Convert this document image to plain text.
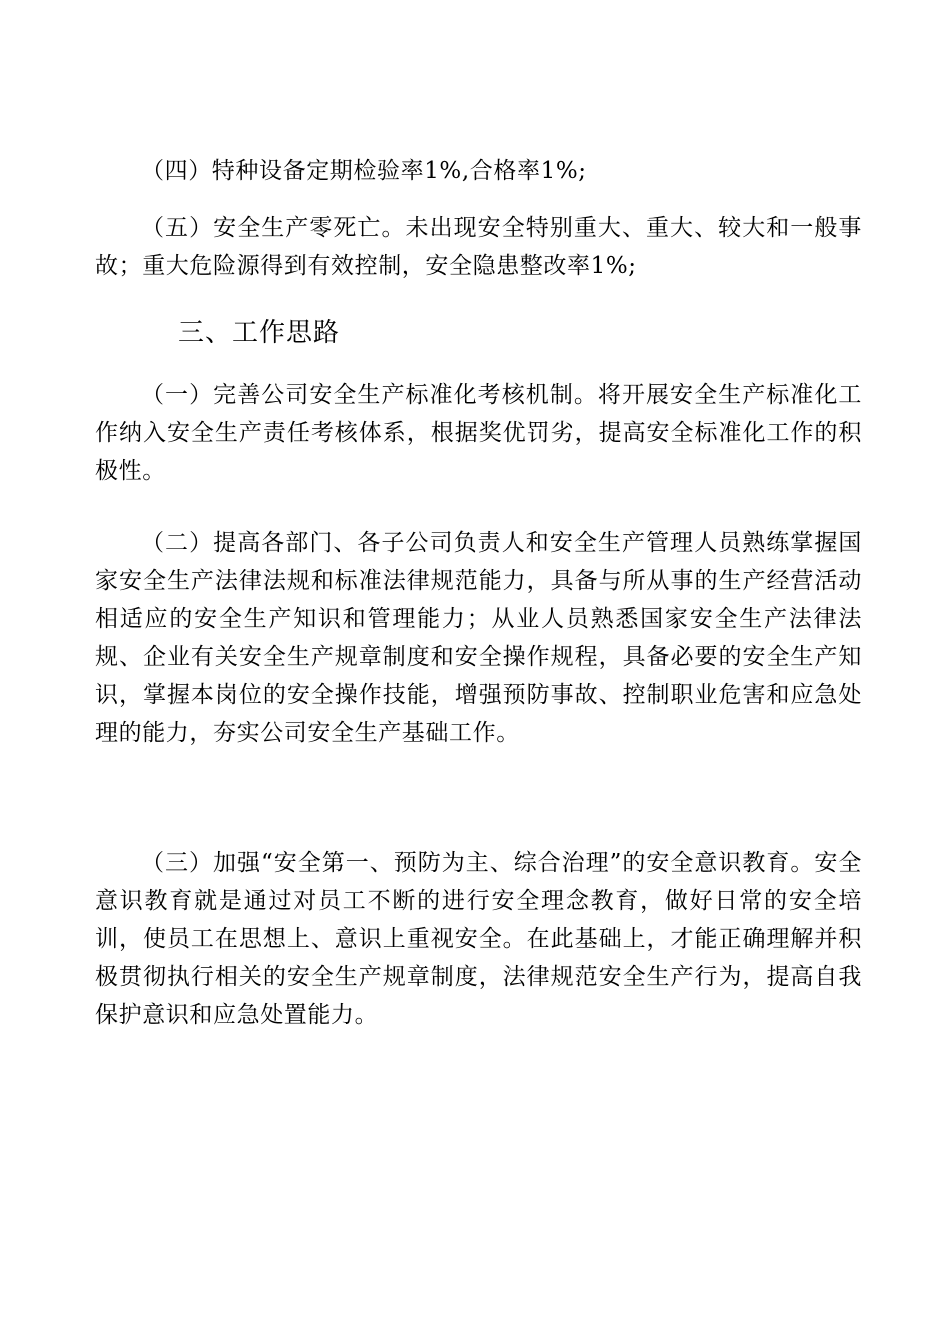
（四）特种设备定期检验率1%,合格率1%;

（五）安全生产零死亡。未出现安全特别重大、重大、较大和一般事故；重大危险源得到有效控制，安全隐患整改率1%;

三、工作思路

（一）完善公司安全生产标准化考核机制。将开展安全生产标准化工作纳入安全生产责任考核体系，根据奖优罚劣，提高安全标准化工作的积极性。

（二）提高各部门、各子公司负责人和安全生产管理人员熟练掌握国家安全生产法律法规和标准法律规范能力，具备与所从事的生产经营活动相适应的安全生产知识和管理能力；从业人员熟悉国家安全生产法律法规、企业有关安全生产规章制度和安全操作规程，具备必要的安全生产知识，掌握本岗位的安全操作技能，增强预防事故、控制职业危害和应急处理的能力，夯实公司安全生产基础工作。

（三）加强“安全第一、预防为主、综合治理”的安全意识教育。安全意识教育就是通过对员工不断的进行安全理念教育，做好日常的安全培训，使员工在思想上、意识上重视安全。在此基础上，才能正确理解并积极贯彻执行相关的安全生产规章制度，法律规范安全生产行为，提高自我保护意识和应急处置能力。
